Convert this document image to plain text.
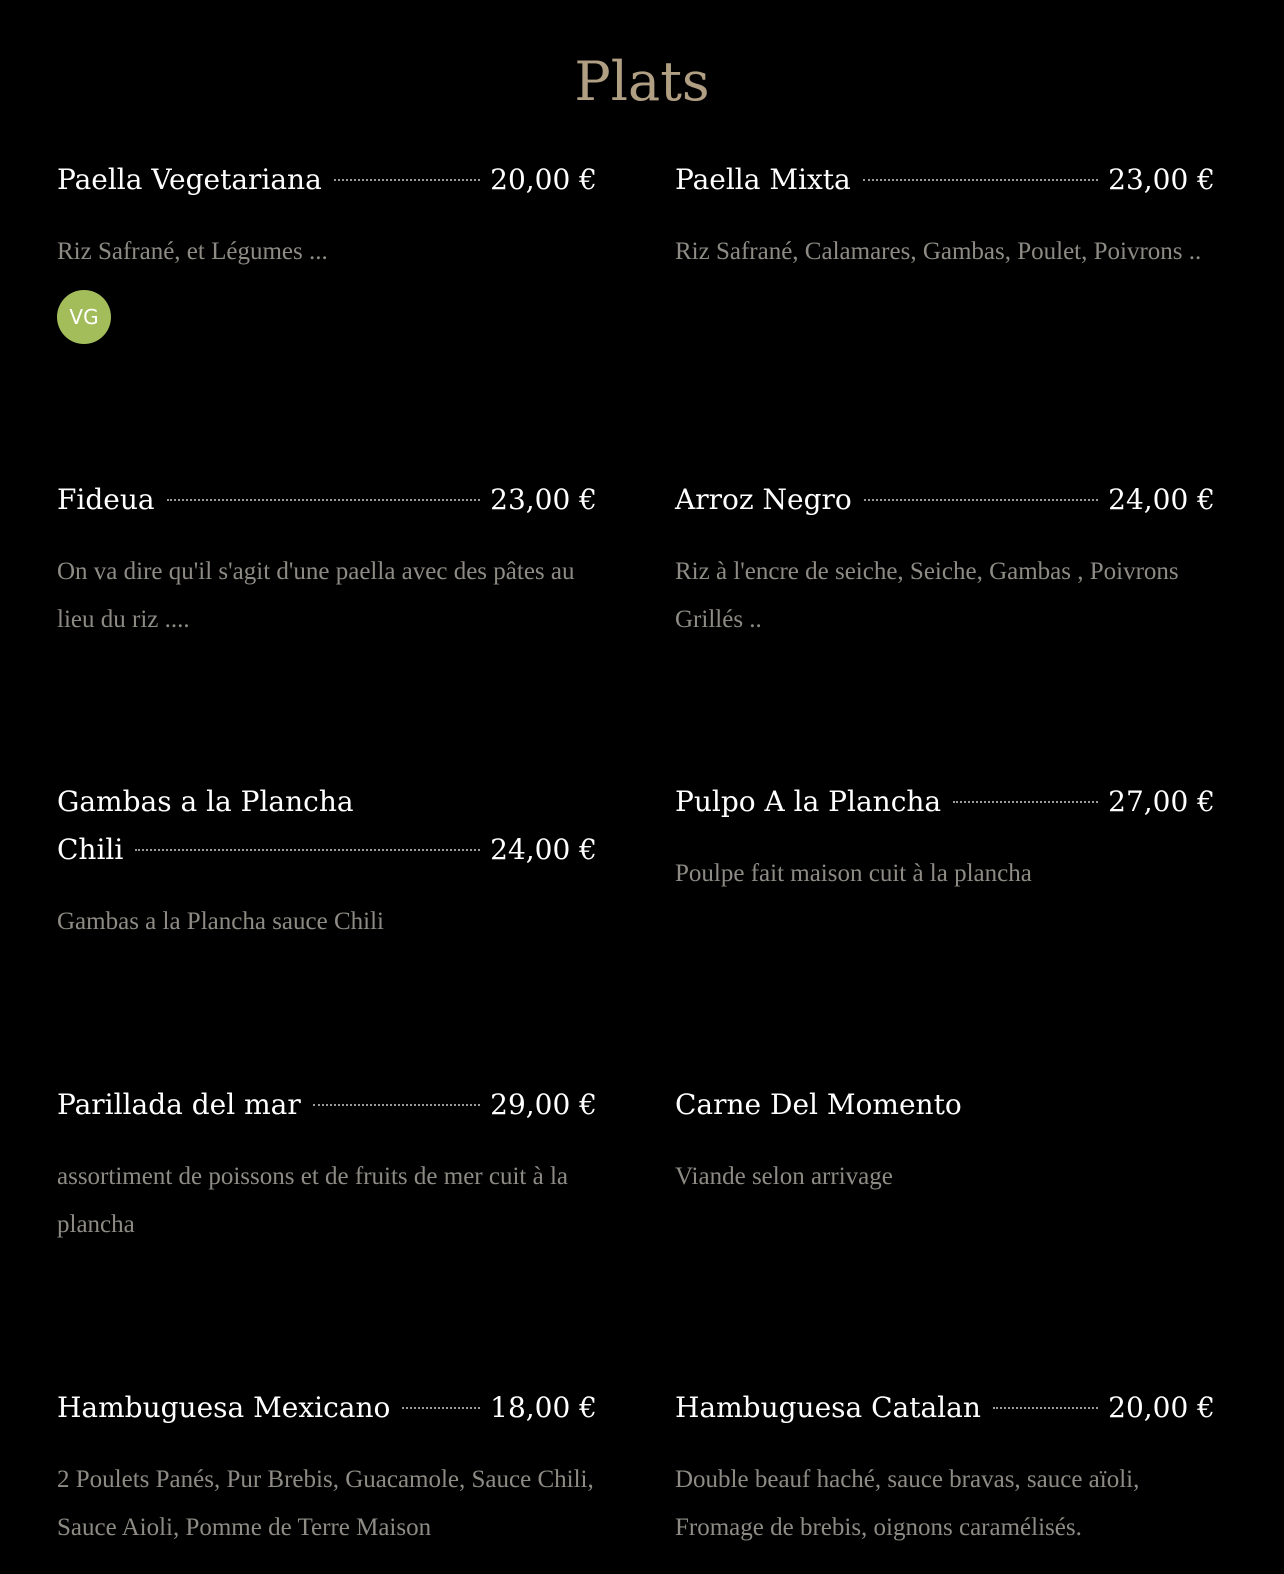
Plats
Paella Vegetariana	20,00 €
Riz Safrané, et Légumes ...
VG
Paella Mixta	23,00 €
Riz Safrané, Calamares, Gambas, Poulet, Poivrons ..
Fideua	23,00 €
On va dire qu'il s'agit d'une paella avec des pâtes au lieu du riz ....
Arroz Negro	24,00 €
Riz à l'encre de seiche, Seiche, Gambas , Poivrons Grillés ..
Gambas a la Plancha
Chili	24,00 €
Gambas a la Plancha sauce Chili
Pulpo A la Plancha	27,00 €
Poulpe fait maison cuit à la plancha
Parillada del mar	29,00 €
assortiment de poissons et de fruits de mer cuit à la plancha
Carne Del Momento
Viande selon arrivage
Hambuguesa Mexicano	18,00 €
2 Poulets Panés, Pur Brebis, Guacamole, Sauce Chili, Sauce Aioli, Pomme de Terre Maison
Hambuguesa Catalan	20,00 €
Double beauf haché, sauce bravas, sauce aïoli, Fromage de brebis, oignons caramélisés.
